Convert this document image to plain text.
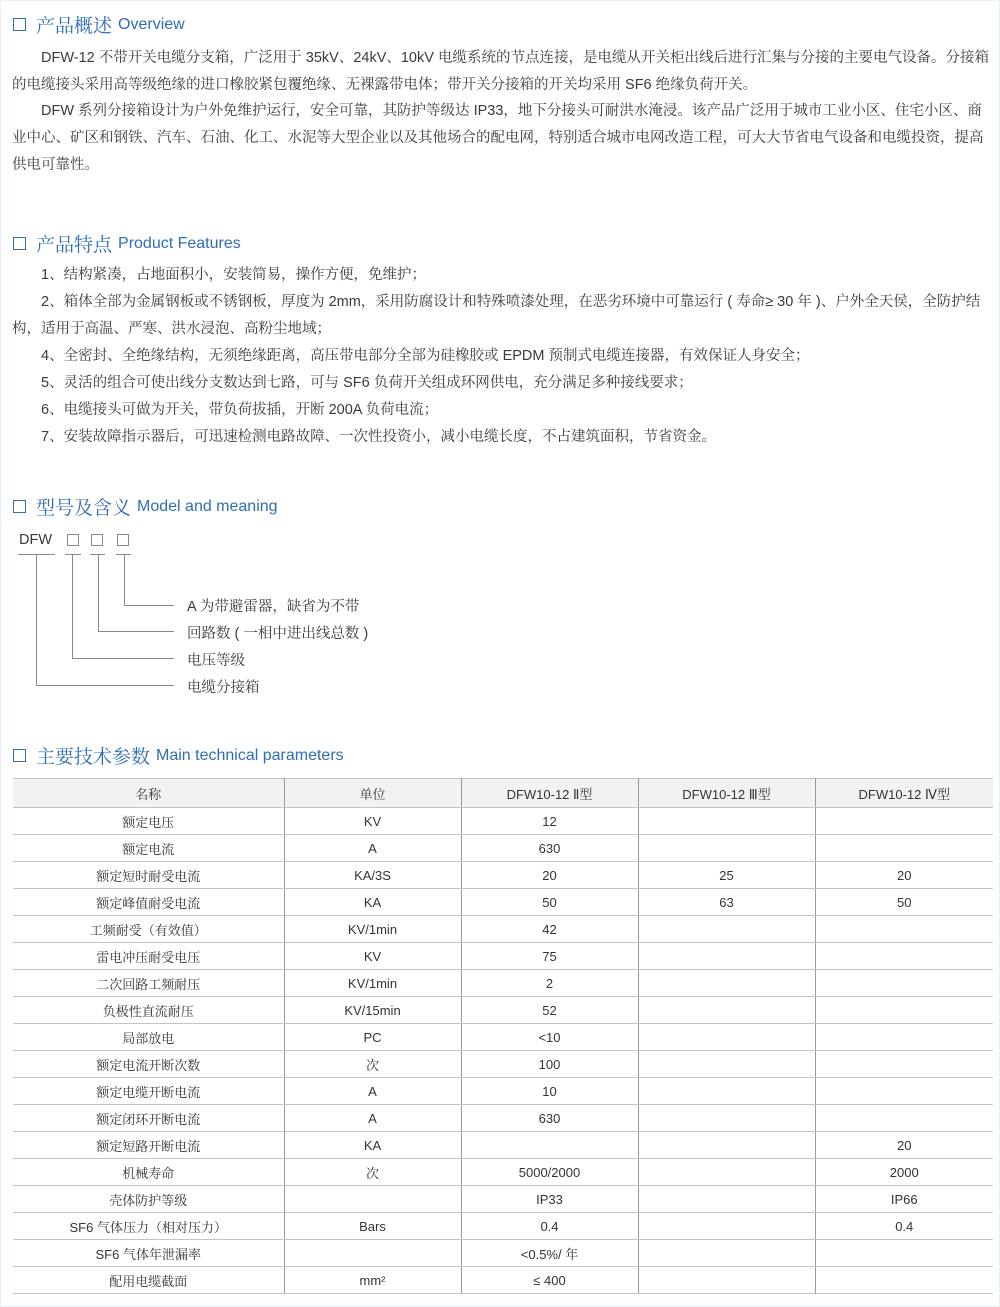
产品概述 Overview

DFW-12 不带开关电缆分支箱，广泛用于 35kV、24kV、10kV 电缆系统的节点连接，是电缆从开关柜出线后进行汇集与分接的主要电气设备。分接箱的电缆接头采用高等级绝缘的进口橡胶紧包覆绝缘、无裸露带电体；带开关分接箱的开关均采用 SF6 绝缘负荷开关。

DFW 系列分接箱设计为户外免维护运行，安全可靠，其防护等级达 IP33，地下分接头可耐洪水淹浸。该产品广泛用于城市工业小区、住宅小区、商业中心、矿区和钢铁、汽车、石油、化工、水泥等大型企业以及其他场合的配电网，特别适合城市电网改造工程，可大大节省电气设备和电缆投资，提高供电可靠性。

产品特点 Product Features
1、结构紧凑，占地面积小，安装简易，操作方便，免维护；
2、箱体全部为金属钢板或不锈钢板，厚度为 2mm，采用防腐设计和特殊喷漆处理，在恶劣环境中可靠运行 ( 寿命≥ 30 年 )、户外全天侯，全防护结构，适用于高温、严寒、洪水浸泡、高粉尘地域；
4、全密封、全绝缘结构，无须绝缘距离，高压带电部分全部为硅橡胶或 EPDM 预制式电缆连接器，有效保证人身安全；
5、灵活的组合可使出线分支数达到七路，可与 SF6 负荷开关组成环网供电，充分满足多种接线要求；
6、电缆接头可做为开关，带负荷拔插，开断 200A 负荷电流；
7、安装故障指示器后，可迅速检测电路故障、一次性投资小，减小电缆长度，不占建筑面积，节省资金。
型号及含义 Model and meaning
DFW
A 为带避雷器，缺省为不带
回路数 ( 一相中进出线总数 )
电压等级
电缆分接箱
主要技术参数 Main technical parameters
名称	单位	DFW10-12 Ⅱ型	DFW10-12 Ⅲ型	DFW10-12 Ⅳ型
额定电压	KV	12		
额定电流	A	630		
额定短时耐受电流	KA/3S	20	25	20
额定峰值耐受电流	KA	50	63	50
工频耐受（有效值）	KV/1min	42		
雷电冲压耐受电压	KV	75		
二次回路工频耐压	KV/1min	2		
负极性直流耐压	KV/15min	52		
局部放电	PC	<10		
额定电流开断次数	次	100		
额定电缆开断电流	A	10		
额定闭环开断电流	A	630		
额定短路开断电流	KA			20
机械寿命	次	5000/2000		2000
壳体防护等级		IP33		IP66
SF6 气体压力（相对压力）	Bars	0.4		0.4
SF6 气体年泄漏率		<0.5%/ 年		
配用电缆截面	mm²	≤ 400		
